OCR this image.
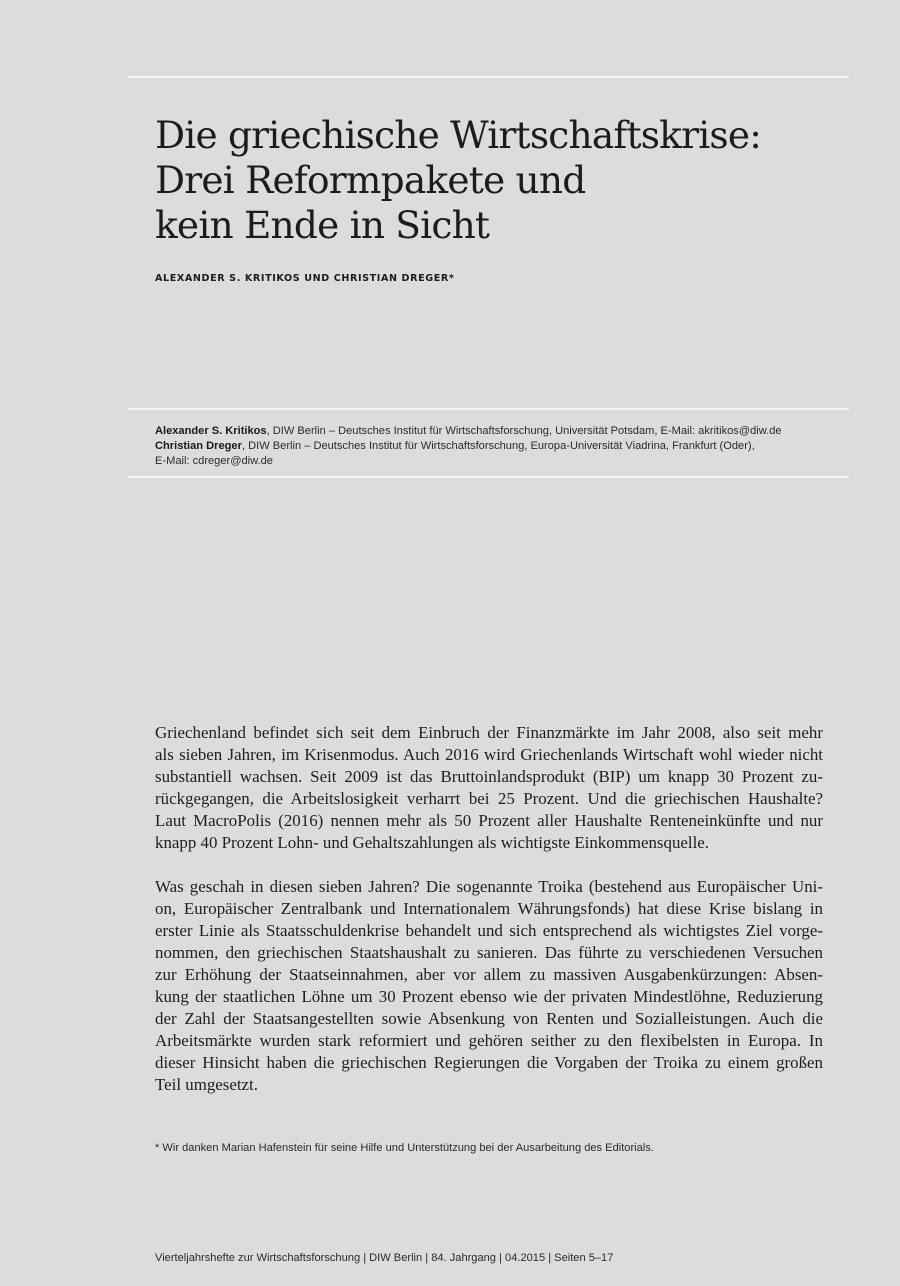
Die griechische Wirtschaftskrise:
Drei Reformpakete und
kein Ende in Sicht
ALEXANDER S. KRITIKOS UND CHRISTIAN DREGER*
Alexander S. Kritikos, DIW Berlin – Deutsches Institut für Wirtschaftsforschung, Universität Potsdam, E-Mail: akritikos@diw.de
Christian Dreger, DIW Berlin – Deutsches Institut für Wirtschaftsforschung, Europa-Universität Viadrina, Frankfurt (Oder),
E-Mail: cdreger@diw.de
Griechenland befindet sich seit dem Einbruch der Finanzmärkte im Jahr 2008, also seit mehr
als sieben Jahren, im Krisenmodus. Auch 2016 wird Griechenlands Wirtschaft wohl wieder nicht
substantiell wachsen. Seit 2009 ist das Bruttoinlandsprodukt (BIP) um knapp 30 Prozent zu-
rückgegangen, die Arbeitslosigkeit verharrt bei 25 Prozent. Und die griechischen Haushalte?
Laut MacroPolis (2016) nennen mehr als 50 Prozent aller Haushalte Renteneinkünfte und nur
knapp 40 Prozent Lohn- und Gehaltszahlungen als wichtigste Einkommensquelle.
Was geschah in diesen sieben Jahren? Die sogenannte Troika (bestehend aus Europäischer Uni-
on, Europäischer Zentralbank und Internationalem Währungsfonds) hat diese Krise bislang in
erster Linie als Staatsschuldenkrise behandelt und sich entsprechend als wichtigstes Ziel vorge-
nommen, den griechischen Staatshaushalt zu sanieren. Das führte zu verschiedenen Versuchen
zur Erhöhung der Staatseinnahmen, aber vor allem zu massiven Ausgabenkürzungen: Absen-
kung der staatlichen Löhne um 30 Prozent ebenso wie der privaten Mindestlöhne, Reduzierung
der Zahl der Staatsangestellten sowie Absenkung von Renten und Sozialleistungen. Auch die
Arbeitsmärkte wurden stark reformiert und gehören seither zu den flexibelsten in Europa. In
dieser Hinsicht haben die griechischen Regierungen die Vorgaben der Troika zu einem großen
Teil umgesetzt.
* Wir danken Marian Hafenstein für seine Hilfe und Unterstützung bei der Ausarbeitung des Editorials.
Vierteljahrshefte zur Wirtschaftsforschung | DIW Berlin | 84. Jahrgang | 04.2015 | Seiten 5–17
